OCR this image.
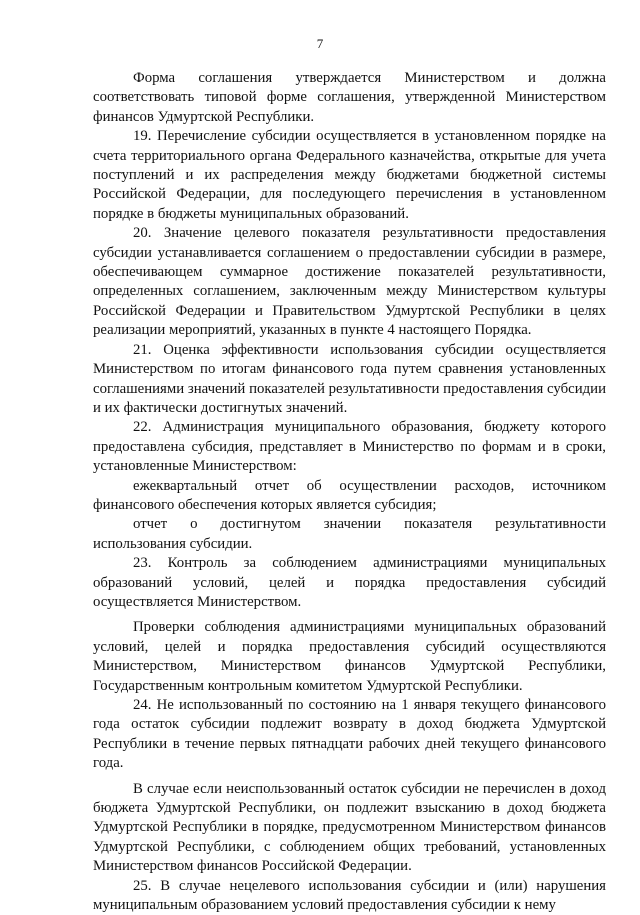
7

Форма соглашения утверждается Министерством и должна соответствовать типовой форме соглашения, утвержденной Министерством финансов Удмуртской Республики.

19. Перечисление субсидии осуществляется в установленном порядке на счета территориального органа Федерального казначейства, открытые для учета поступлений и их распределения между бюджетами бюджетной системы Российской Федерации, для последующего перечисления в установленном порядке в бюджеты муниципальных образований.

20. Значение целевого показателя результативности предоставления субсидии устанавливается соглашением о предоставлении субсидии в размере, обеспечивающем суммарное достижение показателей результативности, определенных соглашением, заключенным между Министерством культуры Российской Федерации и Правительством Удмуртской Республики в целях реализации мероприятий, указанных в пункте 4 настоящего Порядка.

21. Оценка эффективности использования субсидии осуществляется Министерством по итогам финансового года путем сравнения установленных соглашениями значений показателей результативности предоставления субсидии и их фактически достигнутых значений.

22. Администрация муниципального образования, бюджету которого предоставлена субсидия, представляет в Министерство по формам и в сроки, установленные Министерством:

ежеквартальный отчет об осуществлении расходов, источником финансового обеспечения которых является субсидия;

отчет о достигнутом значении показателя результативности использования субсидии.

23. Контроль за соблюдением администрациями муниципальных образований условий, целей и порядка предоставления субсидий осуществляется Министерством.

Проверки соблюдения администрациями муниципальных образований условий, целей и порядка предоставления субсидий осуществляются Министерством, Министерством финансов Удмуртской Республики, Государственным контрольным комитетом Удмуртской Республики.

24. Не использованный по состоянию на 1 января текущего финансового года остаток субсидии подлежит возврату в доход бюджета Удмуртской Республики в течение первых пятнадцати рабочих дней текущего финансового года.

В случае если неиспользованный остаток субсидии не перечислен в доход бюджета Удмуртской Республики, он подлежит взысканию в доход бюджета Удмуртской Республики в порядке, предусмотренном Министерством финансов Удмуртской Республики, с соблюдением общих требований, установленных Министерством финансов Российской Федерации.

25. В случае нецелевого использования субсидии и (или) нарушения муниципальным образованием условий предоставления субсидии к нему
